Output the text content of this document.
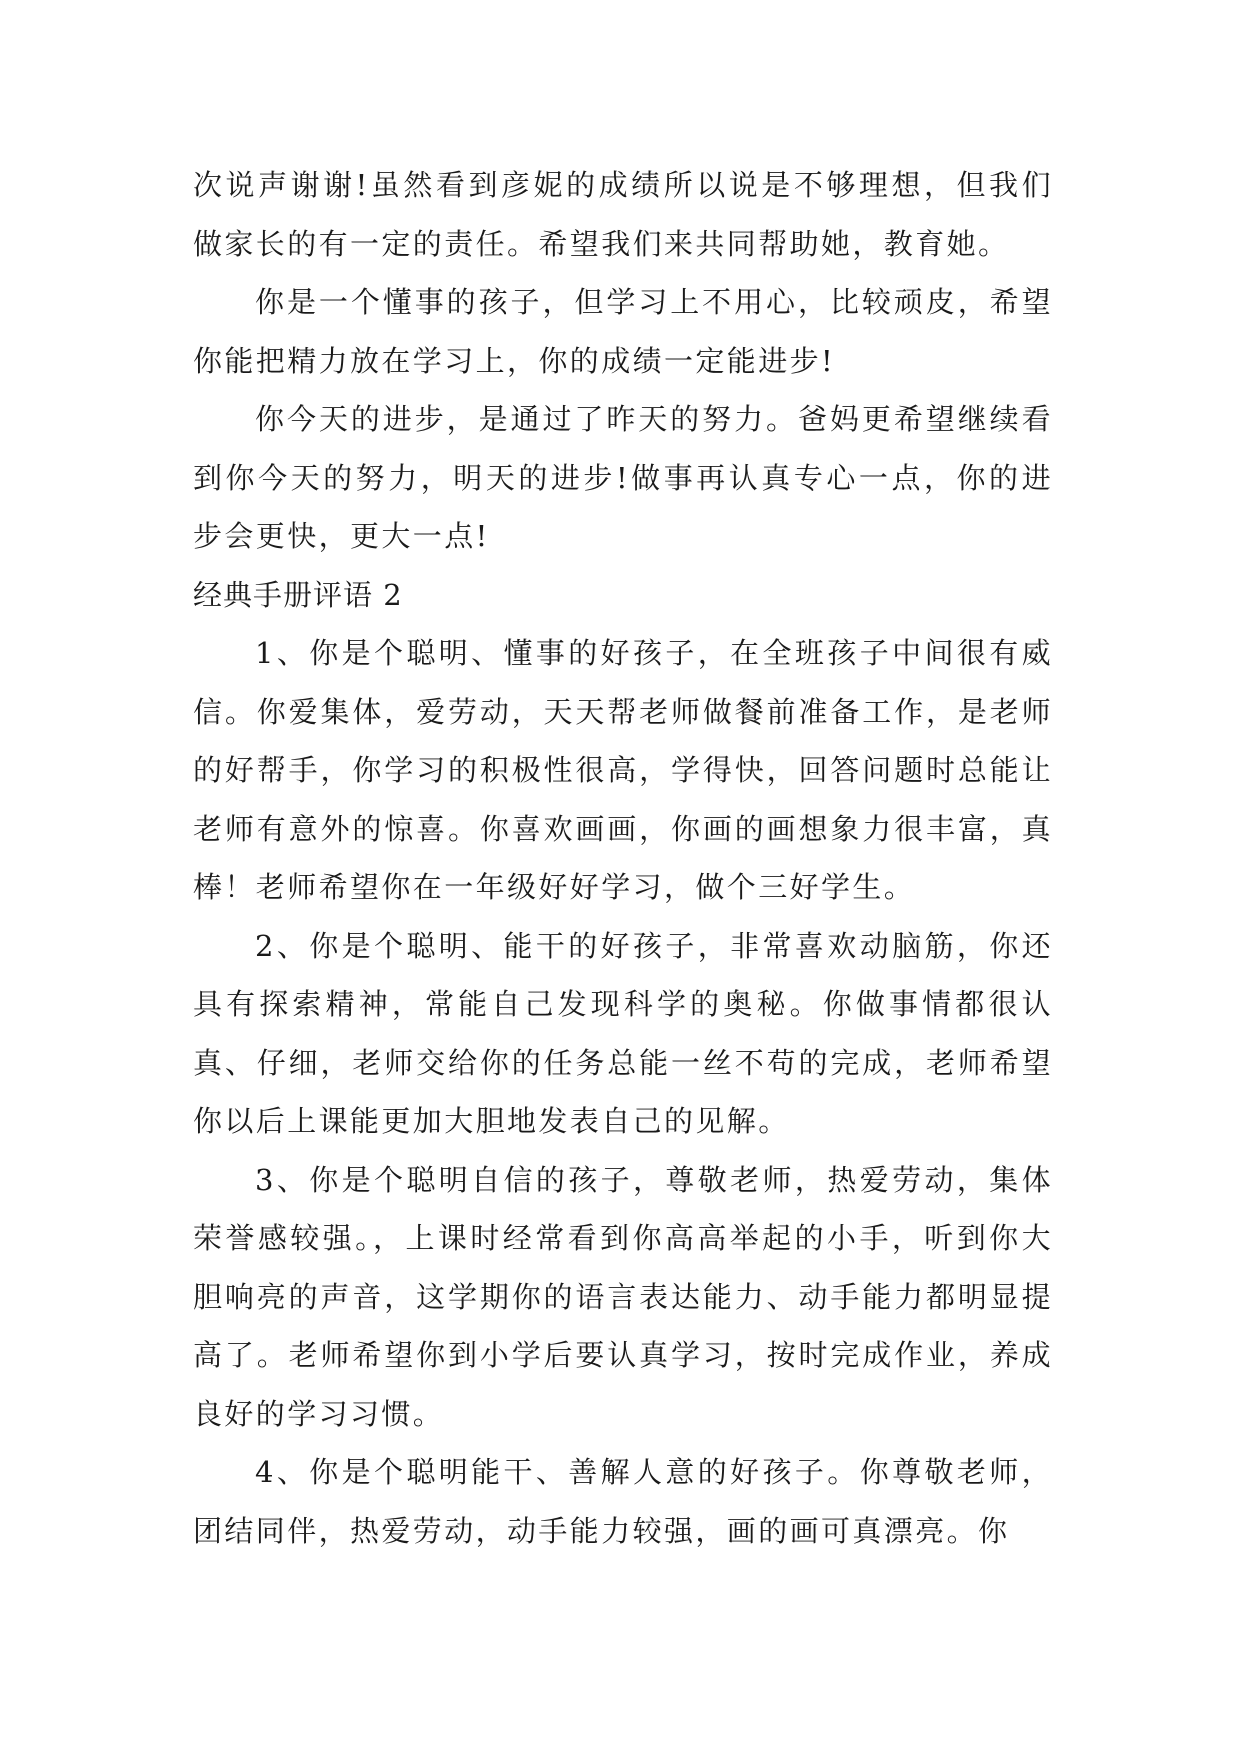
次说声谢谢!虽然看到彦妮的成绩所以说是不够理想，但我们做家长的有一定的责任。希望我们来共同帮助她，教育她。

你是一个懂事的孩子，但学习上不用心，比较顽皮，希望你能把精力放在学习上，你的成绩一定能进步!

你今天的进步，是通过了昨天的努力。爸妈更希望继续看到你今天的努力，明天的进步!做事再认真专心一点，你的进步会更快，更大一点!

经典手册评语 2

1、你是个聪明、懂事的好孩子，在全班孩子中间很有威信。你爱集体，爱劳动，天天帮老师做餐前准备工作，是老师的好帮手，你学习的积极性很高，学得快，回答问题时总能让老师有意外的惊喜。你喜欢画画，你画的画想象力很丰富，真棒！老师希望你在一年级好好学习，做个三好学生。

2、你是个聪明、能干的好孩子，非常喜欢动脑筋，你还具有探索精神，常能自己发现科学的奥秘。你做事情都很认真、仔细，老师交给你的任务总能一丝不苟的完成，老师希望你以后上课能更加大胆地发表自己的见解。

3、你是个聪明自信的孩子，尊敬老师，热爱劳动，集体荣誉感较强。，上课时经常看到你高高举起的小手，听到你大胆响亮的声音，这学期你的语言表达能力、动手能力都明显提高了。老师希望你到小学后要认真学习，按时完成作业，养成良好的学习习惯。

4、你是个聪明能干、善解人意的好孩子。你尊敬老师，团结同伴，热爱劳动，动手能力较强，画的画可真漂亮。你
